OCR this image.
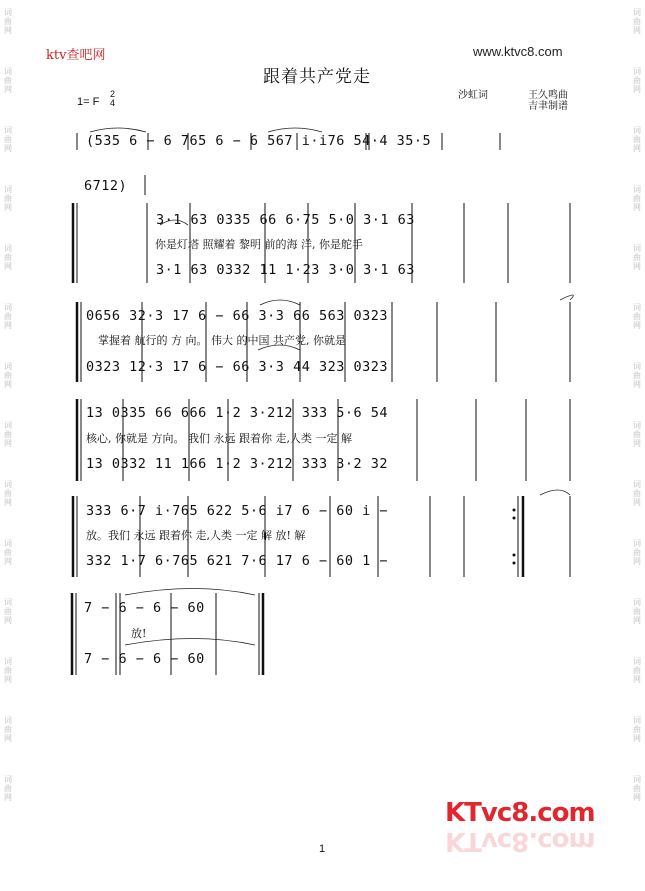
词
曲
网
词
曲
网
词
曲
网
词
曲
网
词
曲
网
词
曲
网
词
曲
网
词
曲
网
词
曲
网
词
曲
网
词
曲
网
词
曲
网
词
曲
网
词
曲
网
词
曲
网
词
曲
网
词
曲
网
词
曲
网
词
曲
网
词
曲
网
词
曲
网
词
曲
网
词
曲
网
词
曲
网
词
曲
网
词
曲
网
词
曲
网
词
曲
网
ktv查吧网	www.ktvc8.com
跟着共产党走
1= F
2
4
沙虹词	王久鸣曲
吉聿制谱
(535 6 − 6 765 6 − 6 567 i·i76 54·4 35·5
6712)
3·1 63 0335 66 6·75 5·0 3·1 63
你是灯塔 照耀着 黎明 前的海 洋, 你是舵手
3·1 63 0332 11 1·23 3·0 3·1 63
0656 32·3 17 6 − 66 3·3 66 563 0323
掌握着 航行的 方 向。 伟大 的中国 共产党, 你就是
0323 12·3 17 6 − 66 3·3 44 323 0323
13 0335 66 666 1·2 3·212 333 5·6 54
核心, 你就是 方向。 我们 永远 跟着你 走,人类 一定 解
13 0332 11 166 1·2 3·212 333 3·2 32
333 6·7 i·765 622 5·6 i7 6 − 60 i −
放。我们 永远 跟着你 走,人类 一定 解 放! 解
332 1·7 6·765 621 7·6 17 6 − 60 1 −
7 − 6 − 6 − 60
放!
7 − 6 − 6 − 60
KTvc8.com
KTvc8.com
1
